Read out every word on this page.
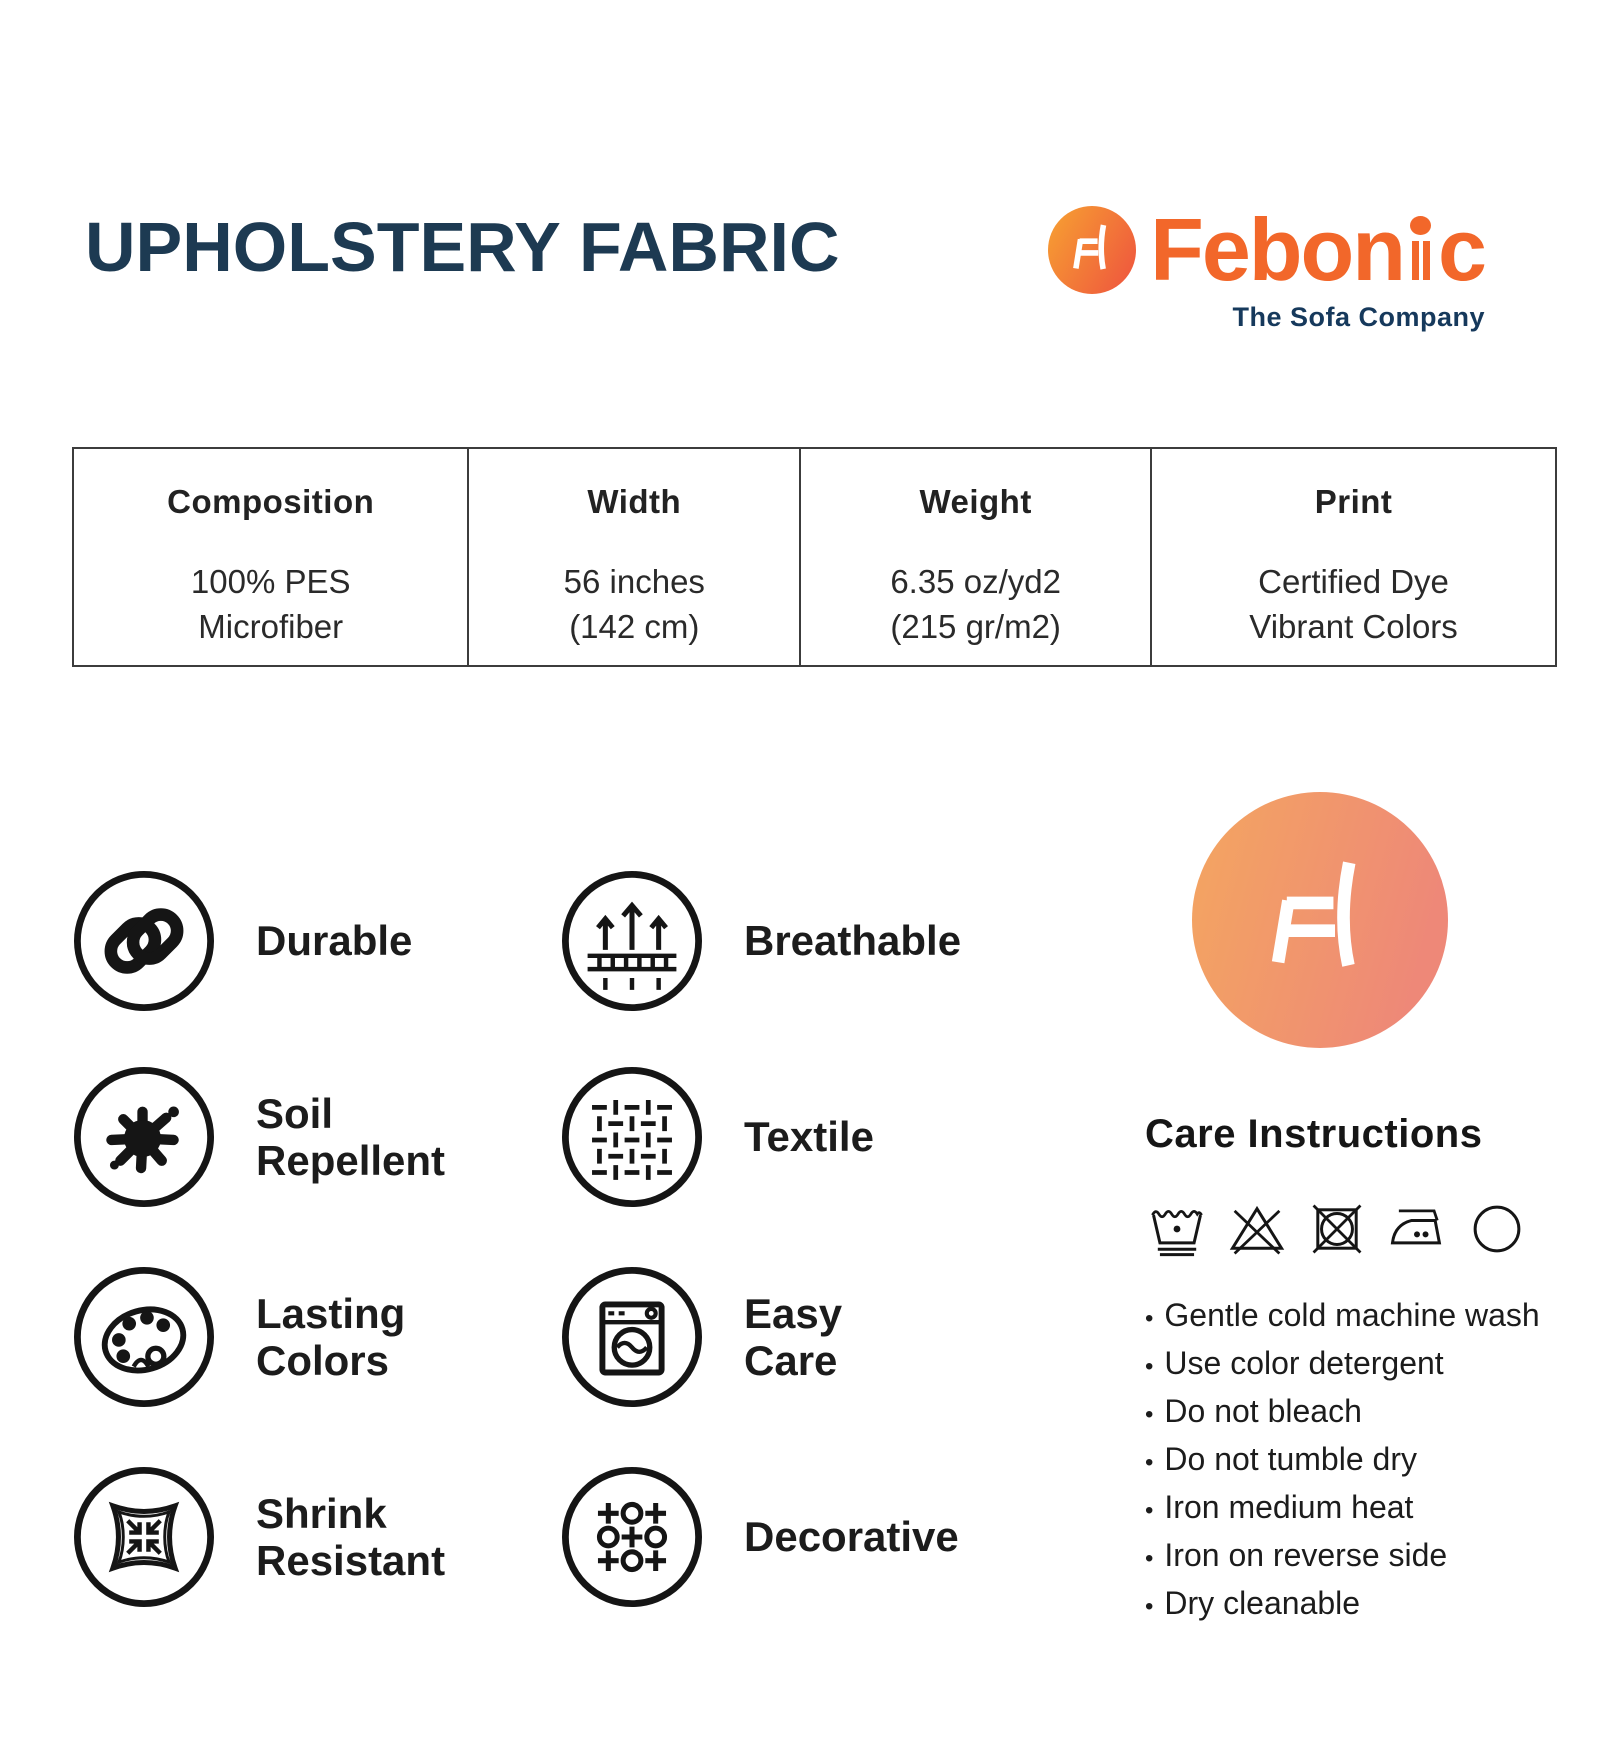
UPHOLSTERY FABRIC	Febon c
The Sofa Company
Composition
100% PES
Microfiber
Width
56 inches
(142 cm)
Weight
6.35 oz/yd2
(215 gr/m2)
Print
Certified Dye
Vibrant Colors
Durable	Breathable
Soil
Repellent
Textile
Lasting
Colors
Easy
Care
Shrink
Resistant
Decorative
Care Instructions
• Gentle cold machine wash
• Use color detergent
• Do not bleach
• Do not tumble dry
• Iron medium heat
• Iron on reverse side
• Dry cleanable
